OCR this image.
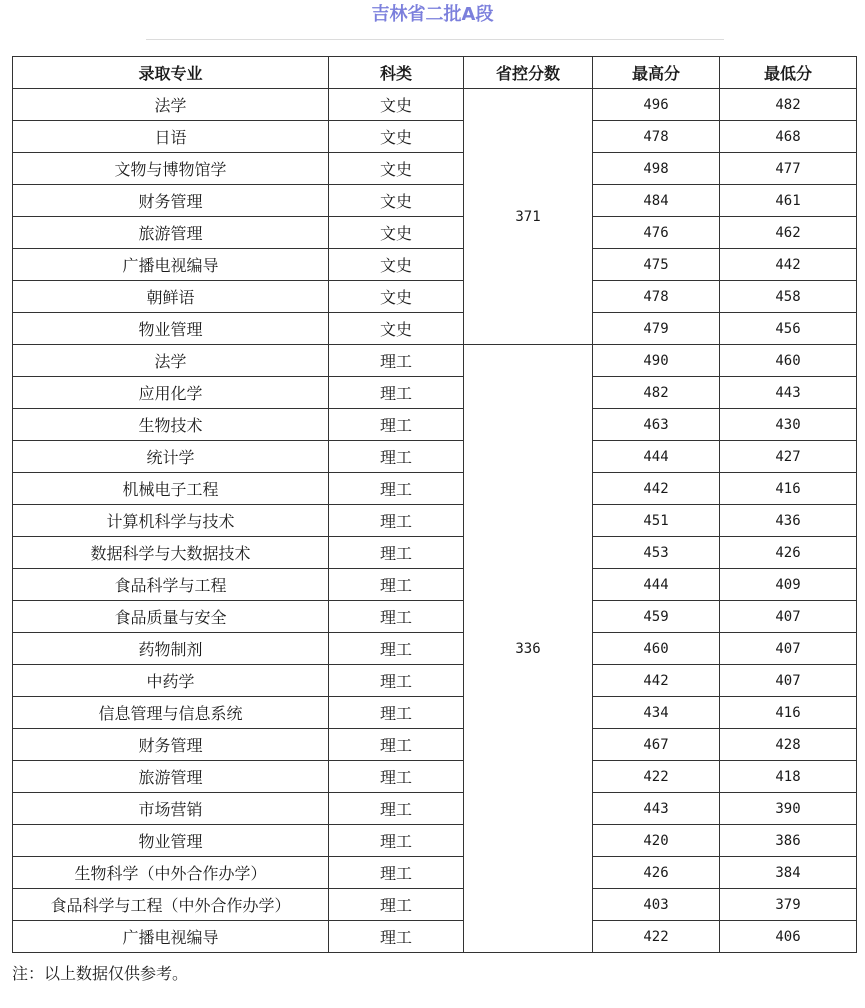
吉林省二批A段
录取专业	科类	省控分数	最高分	最低分
法学	文史	371	496	482
日语	文史		478	468
文物与博物馆学	文史		498	477
财务管理	文史		484	461
旅游管理	文史		476	462
广播电视编导	文史		475	442
朝鲜语	文史		478	458
物业管理	文史		479	456
法学	理工	336	490	460
应用化学	理工		482	443
生物技术	理工		463	430
统计学	理工		444	427
机械电子工程	理工		442	416
计算机科学与技术	理工		451	436
数据科学与大数据技术	理工		453	426
食品科学与工程	理工		444	409
食品质量与安全	理工		459	407
药物制剂	理工		460	407
中药学	理工		442	407
信息管理与信息系统	理工		434	416
财务管理	理工		467	428
旅游管理	理工		422	418
市场营销	理工		443	390
物业管理	理工		420	386
生物科学（中外合作办学）	理工		426	384
食品科学与工程（中外合作办学）	理工		403	379
广播电视编导	理工		422	406
注：以上数据仅供参考。
